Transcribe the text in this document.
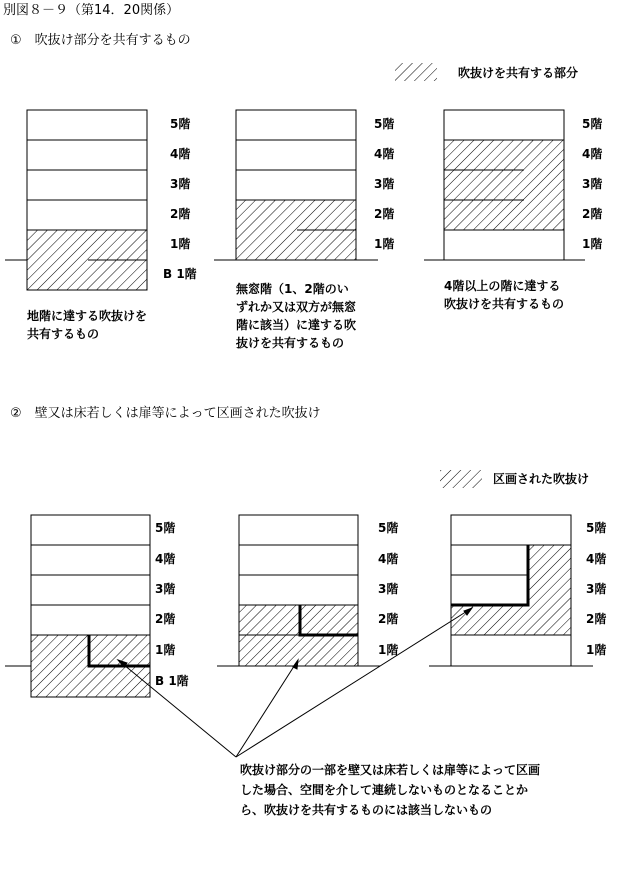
別図８－９（第14．20関係）
①　吹抜け部分を共有するもの
吹抜けを共有する部分
5階
4階
3階
2階
1階
B 1階
5階
4階
3階
2階
1階
5階
4階
3階
2階
1階
地階に達する吹抜けを
共有するもの
無窓階（1、2階のい
ずれか又は双方が無窓
階に該当）に達する吹
抜けを共有するもの
4階以上の階に達する
吹抜けを共有するもの
②　壁又は床若しくは扉等によって区画された吹抜け
区画された吹抜け
5階
4階
3階
2階
1階
B 1階
5階
4階
3階
2階
1階
5階
4階
3階
2階
1階
吹抜け部分の一部を壁又は床若しくは扉等によって区画
した場合、空間を介して連続しないものとなることか
ら、吹抜けを共有するものには該当しないもの
